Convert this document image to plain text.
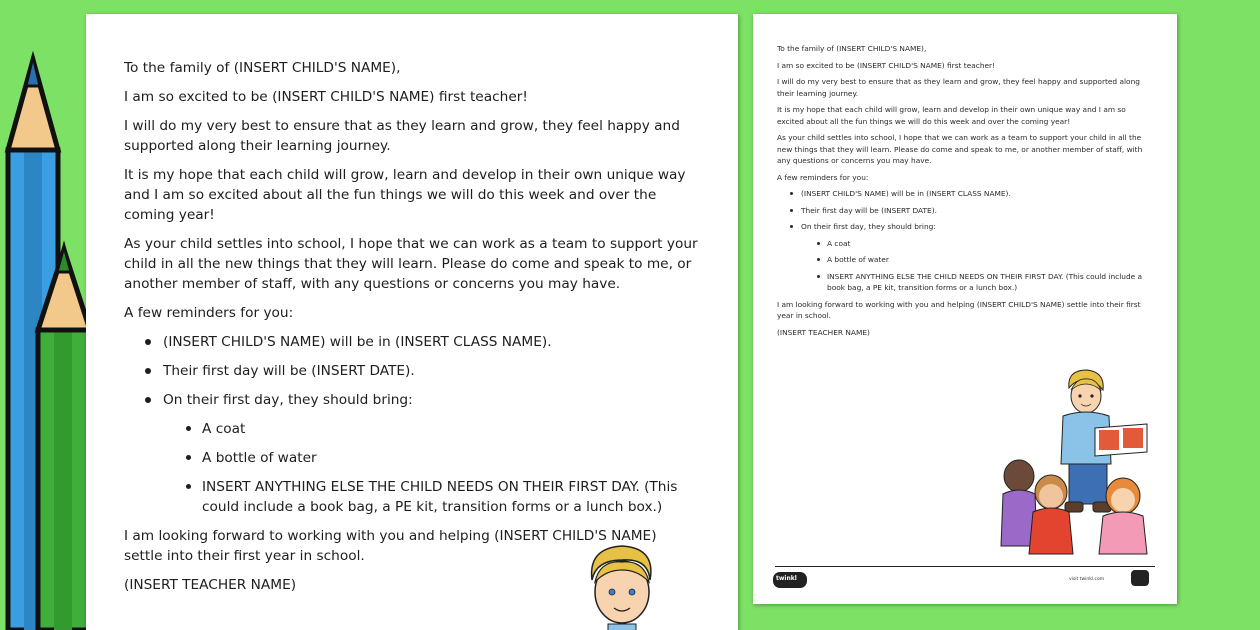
To the family of (INSERT CHILD'S NAME),

I am so excited to be (INSERT CHILD'S NAME) first teacher!

I will do my very best to ensure that as they learn and grow, they feel happy and supported along their learning journey.

It is my hope that each child will grow, learn and develop in their own unique way and I am so excited about all the fun things we will do this week and over the coming year!

As your child settles into school, I hope that we can work as a team to support your child in all the new things that they will learn. Please do come and speak to me, or another member of staff, with any questions or concerns you may have.

A few reminders for you:

(INSERT CHILD'S NAME) will be in (INSERT CLASS NAME).
Their first day will be (INSERT DATE).
On their first day, they should bring:
A coat
A bottle of water
INSERT ANYTHING ELSE THE CHILD NEEDS ON THEIR FIRST DAY. (This could include a book bag, a PE kit, transition forms or a lunch box.)

I am looking forward to working with you and helping (INSERT CHILD'S NAME) settle into their first year in school.

(INSERT TEACHER NAME)

To the family of (INSERT CHILD'S NAME),

I am so excited to be (INSERT CHILD'S NAME) first teacher!

I will do my very best to ensure that as they learn and grow, they feel happy and supported along their learning journey.

It is my hope that each child will grow, learn and develop in their own unique way and I am so excited about all the fun things we will do this week and over the coming year!

As your child settles into school, I hope that we can work as a team to support your child in all the new things that they will learn. Please do come and speak to me, or another member of staff, with any questions or concerns you may have.

A few reminders for you:

(INSERT CHILD'S NAME) will be in (INSERT CLASS NAME).
Their first day will be (INSERT DATE).
On their first day, they should bring:
A coat
A bottle of water
INSERT ANYTHING ELSE THE CHILD NEEDS ON THEIR FIRST DAY. (This could include a book bag, a PE kit, transition forms or a lunch box.)

I am looking forward to working with you and helping (INSERT CHILD'S NAME) settle into their first year in school.

(INSERT TEACHER NAME)

visit twinkl.com
twinkl
